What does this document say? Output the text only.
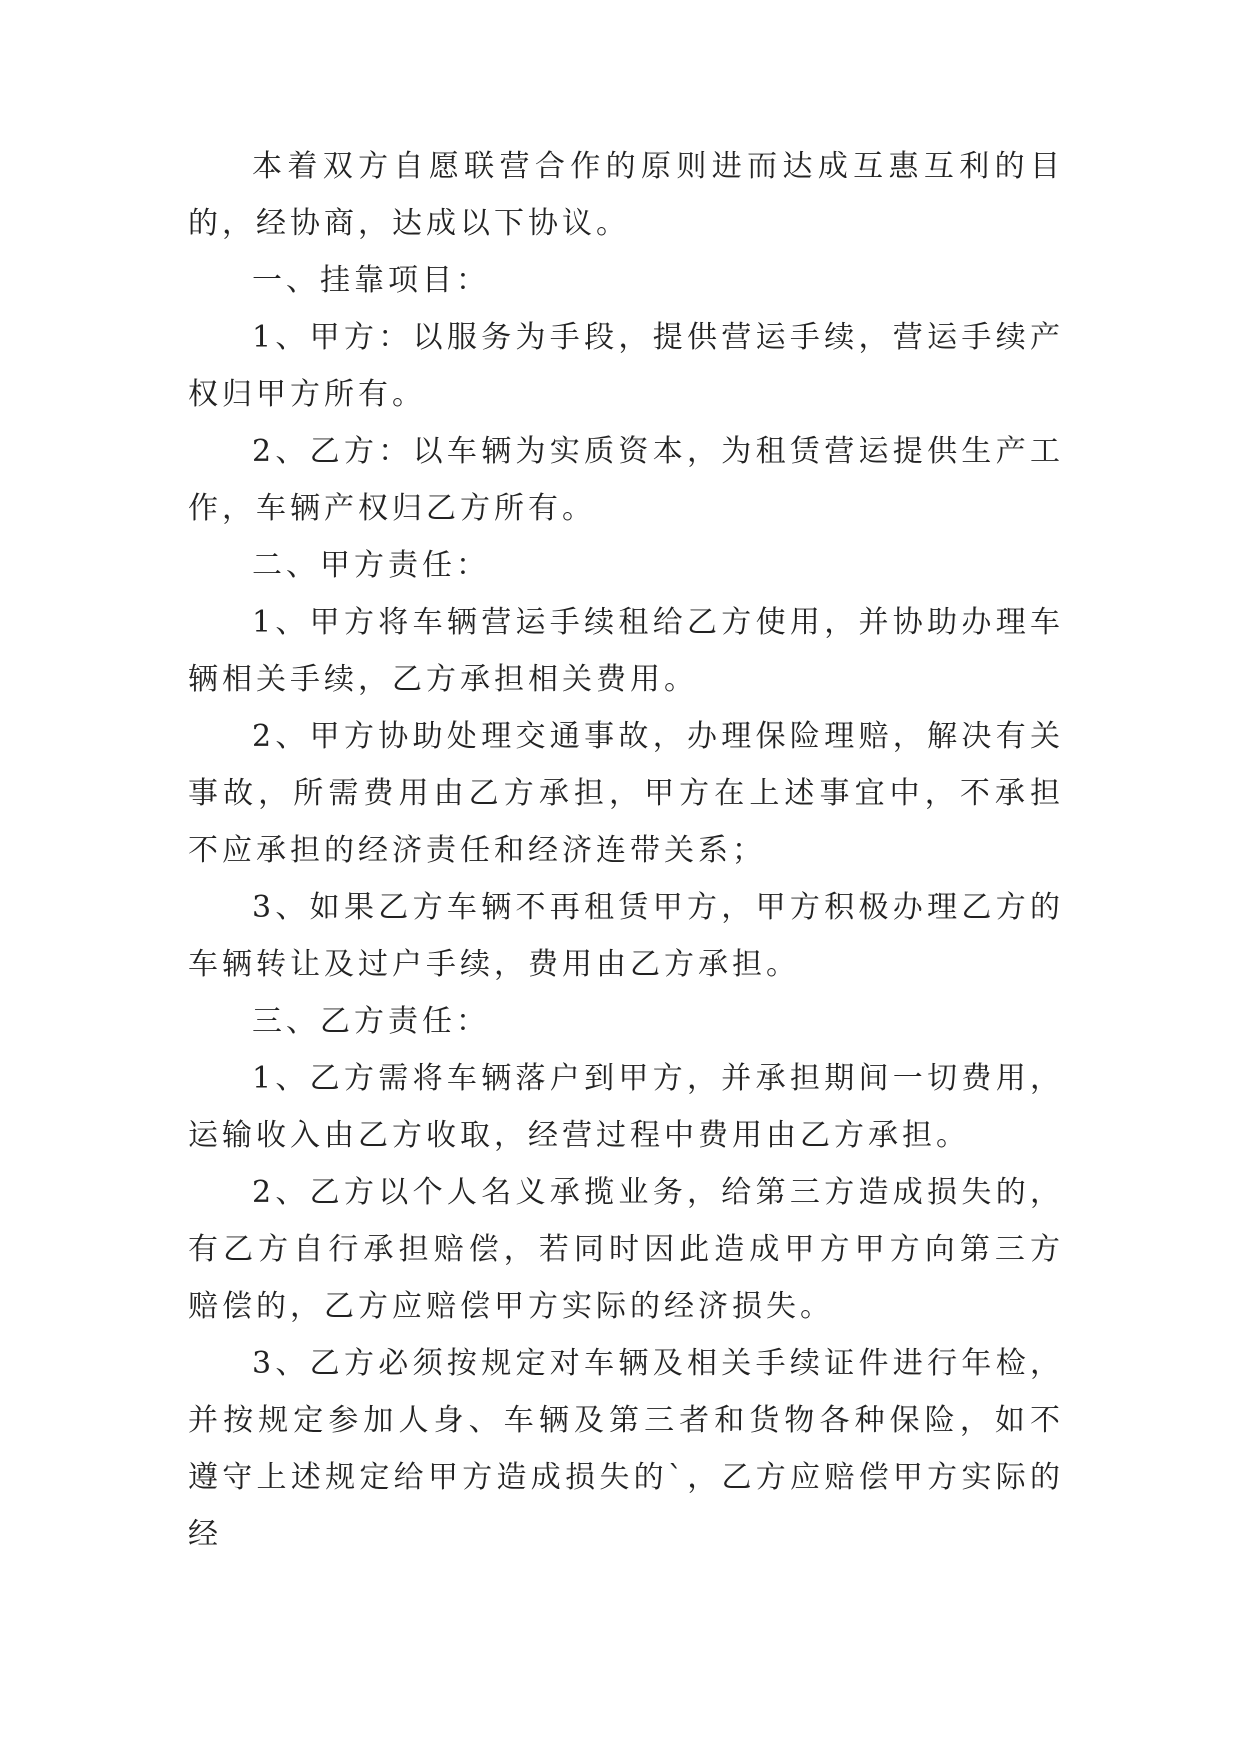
本着双方自愿联营合作的原则进而达成互惠互利的目的，经协商，达成以下协议。

一、挂靠项目：

1、甲方：以服务为手段，提供营运手续，营运手续产权归甲方所有。

2、乙方：以车辆为实质资本，为租赁营运提供生产工作，车辆产权归乙方所有。

二、甲方责任：

1、甲方将车辆营运手续租给乙方使用，并协助办理车辆相关手续，乙方承担相关费用。

2、甲方协助处理交通事故，办理保险理赔，解决有关事故，所需费用由乙方承担，甲方在上述事宜中，不承担不应承担的经济责任和经济连带关系；

3、如果乙方车辆不再租赁甲方，甲方积极办理乙方的车辆转让及过户手续，费用由乙方承担。

三、乙方责任：

1、乙方需将车辆落户到甲方，并承担期间一切费用，运输收入由乙方收取，经营过程中费用由乙方承担。

2、乙方以个人名义承揽业务，给第三方造成损失的，有乙方自行承担赔偿，若同时因此造成甲方甲方向第三方赔偿的，乙方应赔偿甲方实际的经济损失。

3、乙方必须按规定对车辆及相关手续证件进行年检，并按规定参加人身、车辆及第三者和货物各种保险，如不遵守上述规定给甲方造成损失的`，乙方应赔偿甲方实际的经
